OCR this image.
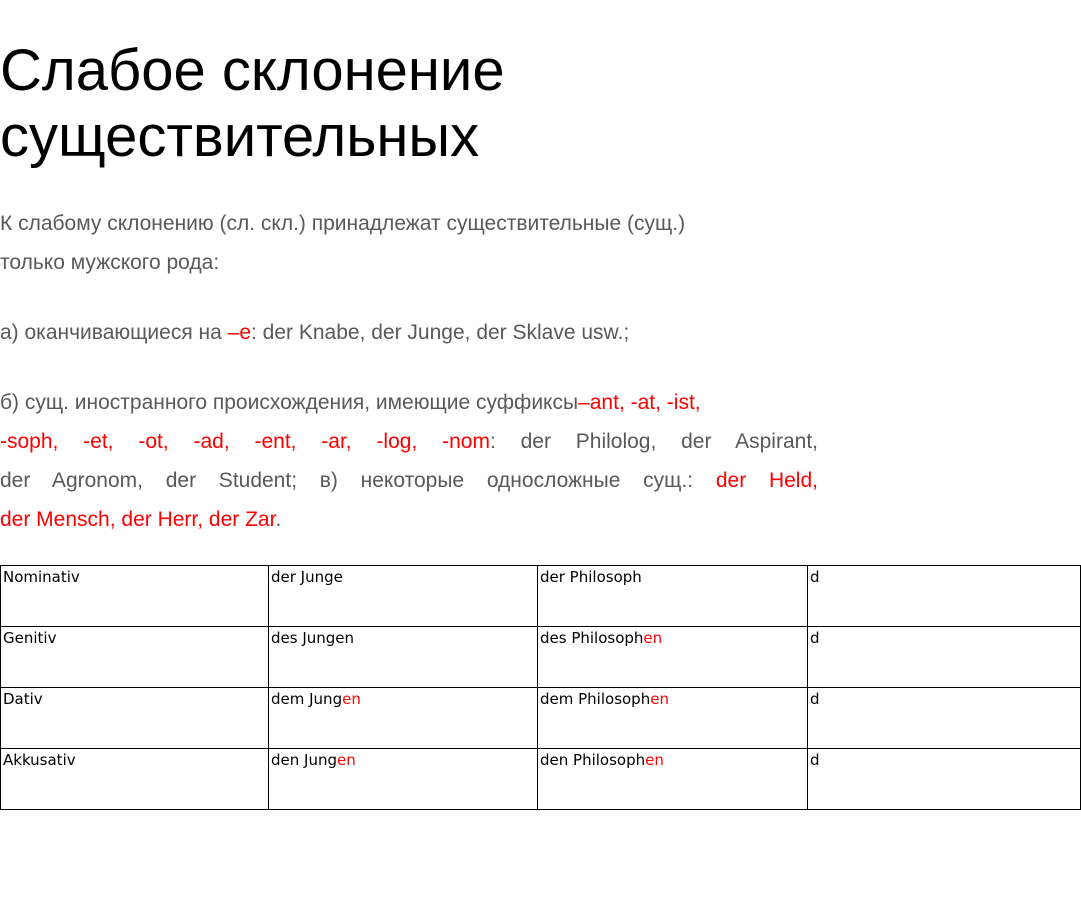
Слабое склонение
существительных

К слабому склонению (сл. скл.) принадлежат существительные (сущ.)
только мужского рода:

а) оканчивающиеся на –е: der Knabe, der Junge, der Sklave usw.;

б) сущ. иностранного происхождения, имеющие суффиксы–ant, -at, -ist,
-soph, -et, -ot, -ad, -ent, -ar, -log, -nom: der Philolog, der Aspirant,
der Agronom, der Student; в) некоторые односложные сущ.: der Held,
der Mensch, der Herr, der Zar.

Nominativ	der Junge	der Philosoph	d
Genitiv	des Jungen	des Philosophen	d
Dativ	dem Jungen	dem Philosophen	d
Akkusativ	den Jungen	den Philosophen	d
